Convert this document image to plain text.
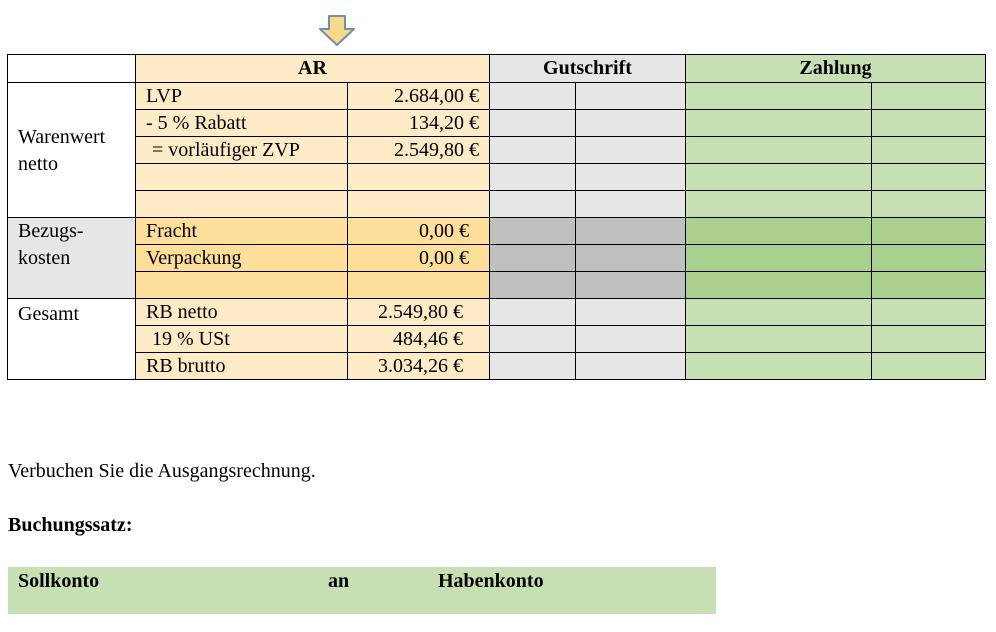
	AR		Gutschrift		Zahlung	
Warenwert netto	LVP	2.684,00 €				
	- 5 % Rabatt	134,20 €				
	= vorläufiger ZVP	2.549,80 €				

Bezugs- kosten	Fracht	0,00 €				
	Verpackung	0,00 €				

Gesamt	RB netto	2.549,80 €				
	19 % USt	484,46 €				
	RB brutto	3.034,26 €				
Verbuchen Sie die Ausgangsrechnung.
Buchungssatz:
Sollkonto	an	Habenkonto
